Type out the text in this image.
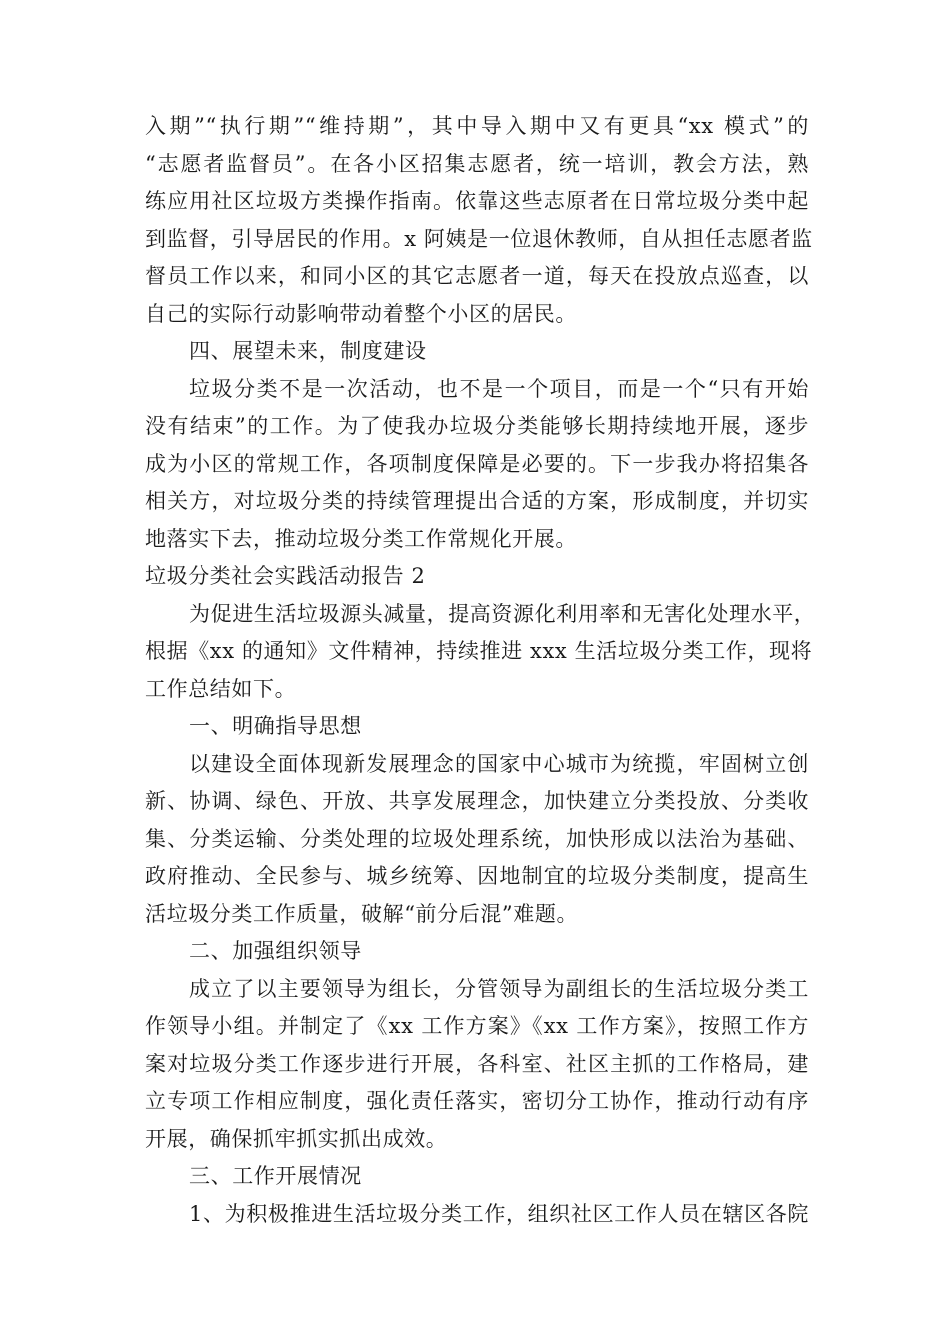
入期”“执行期”“维持期”，其中导入期中又有更具“xx 模式”的
“志愿者监督员”。在各小区招集志愿者，统一培训，教会方法，熟
练应用社区垃圾方类操作指南。依靠这些志原者在日常垃圾分类中起
到监督，引导居民的作用。x 阿姨是一位退休教师，自从担任志愿者监
督员工作以来，和同小区的其它志愿者一道，每天在投放点巡查，以
自己的实际行动影响带动着整个小区的居民。
四、展望未来，制度建设
垃圾分类不是一次活动，也不是一个项目，而是一个“只有开始
没有结束”的工作。为了使我办垃圾分类能够长期持续地开展，逐步
成为小区的常规工作，各项制度保障是必要的。下一步我办将招集各
相关方，对垃圾分类的持续管理提出合适的方案，形成制度，并切实
地落实下去，推动垃圾分类工作常规化开展。
垃圾分类社会实践活动报告 2
为促进生活垃圾源头减量，提高资源化利用率和无害化处理水平，
根据《xx 的通知》文件精神，持续推进 xxx 生活垃圾分类工作，现将
工作总结如下。
一、明确指导思想
以建设全面体现新发展理念的国家中心城市为统揽，牢固树立创
新、协调、绿色、开放、共享发展理念，加快建立分类投放、分类收
集、分类运输、分类处理的垃圾处理系统，加快形成以法治为基础、
政府推动、全民参与、城乡统筹、因地制宜的垃圾分类制度，提高生
活垃圾分类工作质量，破解“前分后混”难题。
二、加强组织领导
成立了以主要领导为组长，分管领导为副组长的生活垃圾分类工
作领导小组。并制定了《xx 工作方案》《xx 工作方案》，按照工作方
案对垃圾分类工作逐步进行开展，各科室、社区主抓的工作格局，建
立专项工作相应制度，强化责任落实，密切分工协作，推动行动有序
开展，确保抓牢抓实抓出成效。
三、工作开展情况
1、为积极推进生活垃圾分类工作，组织社区工作人员在辖区各院
